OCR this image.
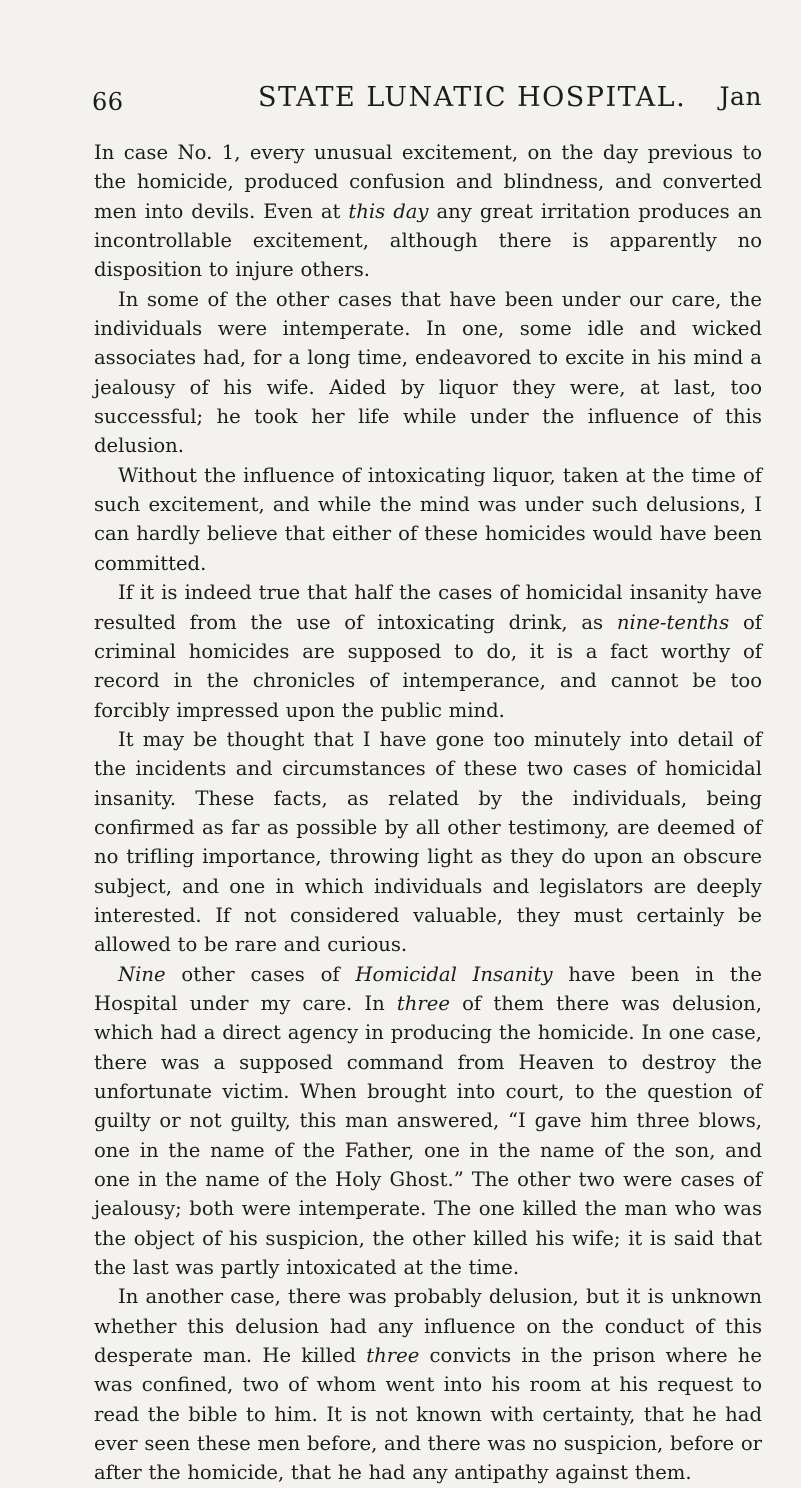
66	STATE LUNATIC HOSPITAL. Jan

In case No. 1, every unusual excitement, on the day previous to the homicide, produced confusion and blindness, and converted men into devils. Even at this day any great irritation produces an incontrollable excitement, although there is apparently no disposition to injure others.

In some of the other cases that have been under our care, the individuals were intemperate. In one, some idle and wicked associates had, for a long time, endeavored to excite in his mind a jealousy of his wife. Aided by liquor they were, at last, too successful; he took her life while under the influence of this delusion.

Without the influence of intoxicating liquor, taken at the time of such excitement, and while the mind was under such delusions, I can hardly believe that either of these homicides would have been committed.

If it is indeed true that half the cases of homicidal insanity have resulted from the use of intoxicating drink, as nine-tenths of criminal homicides are supposed to do, it is a fact worthy of record in the chronicles of intemperance, and cannot be too forcibly impressed upon the public mind.

It may be thought that I have gone too minutely into detail of the incidents and circumstances of these two cases of homicidal insanity. These facts, as related by the individuals, being confirmed as far as possible by all other testimony, are deemed of no trifling importance, throwing light as they do upon an obscure subject, and one in which individuals and legislators are deeply interested. If not considered valuable, they must certainly be allowed to be rare and curious.

Nine other cases of Homicidal Insanity have been in the Hospital under my care. In three of them there was delusion, which had a direct agency in producing the homicide. In one case, there was a supposed command from Heaven to destroy the unfortunate victim. When brought into court, to the question of guilty or not guilty, this man answered, “I gave him three blows, one in the name of the Father, one in the name of the son, and one in the name of the Holy Ghost.” The other two were cases of jealousy; both were intemperate. The one killed the man who was the object of his suspicion, the other killed his wife; it is said that the last was partly intoxicated at the time.

In another case, there was probably delusion, but it is unknown whether this delusion had any influence on the conduct of this desperate man. He killed three convicts in the prison where he was confined, two of whom went into his room at his request to read the bible to him. It is not known with certainty, that he had ever seen these men before, and there was no suspicion, before or after the homicide, that he had any antipathy against them.
